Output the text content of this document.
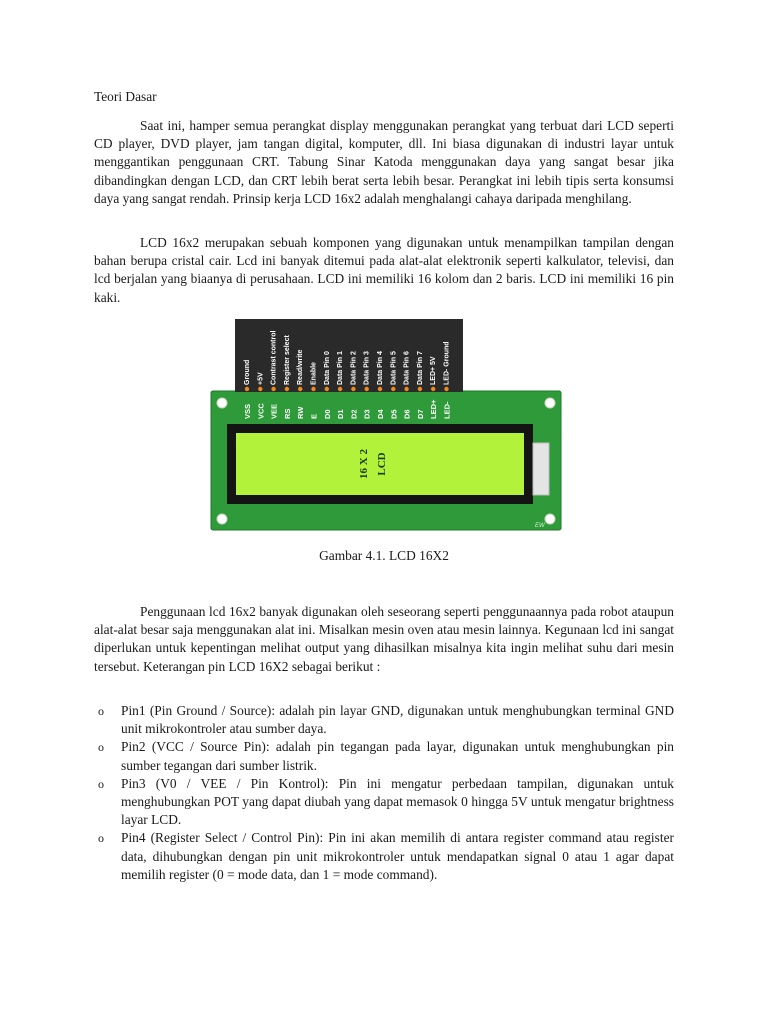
Teori Dasar

Saat ini, hamper semua perangkat display menggunakan perangkat yang terbuat dari LCD seperti CD player, DVD player, jam tangan digital, komputer, dll. Ini biasa digunakan di industri layar untuk menggantikan penggunaan CRT. Tabung Sinar Katoda menggunakan daya yang sangat besar jika dibandingkan dengan LCD, dan CRT lebih berat serta lebih besar. Perangkat ini lebih tipis serta konsumsi daya yang sangat rendah. Prinsip kerja LCD 16x2 adalah menghalangi cahaya daripada menghilang.

LCD 16x2 merupakan sebuah komponen yang digunakan untuk menampilkan tampilan dengan bahan berupa cristal cair. Lcd ini banyak ditemui pada alat-alat elektronik seperti kalkulator, televisi, dan lcd berjalan yang biaanya di perusahaan. LCD ini memiliki 16 kolom dan 2 baris. LCD ini memiliki 16 pin kaki.

16 X 2 LCD
EW
Ground
VSS
+5V
VCC
Contrast control
VEE
Register select
RS
Read/write
RW
Enable
E
Data Pin 0
D0
Data Pin 1
D1
Data Pin 2
D2
Data Pin 3
D3
Data Pin 4
D4
Data Pin 5
D5
Data Pin 6
D6
Data Pin 7
D7
LED+ 5V
LED+
LED- Ground
LED-

Gambar 4.1. LCD 16X2

Penggunaan lcd 16x2 banyak digunakan oleh seseorang seperti penggunaannya pada robot ataupun alat-alat besar saja menggunakan alat ini. Misalkan mesin oven atau mesin lainnya. Kegunaan lcd ini sangat diperlukan untuk kepentingan melihat output yang dihasilkan misalnya kita ingin melihat suhu dari mesin tersebut. Keterangan pin LCD 16X2 sebagai berikut :

o Pin1 (Pin Ground / Source): adalah pin layar GND, digunakan untuk menghubungkan terminal GND unit mikrokontroler atau sumber daya.
o Pin2 (VCC / Source Pin): adalah pin tegangan pada layar, digunakan untuk menghubungkan pin sumber tegangan dari sumber listrik.
o Pin3 (V0 / VEE / Pin Kontrol): Pin ini mengatur perbedaan tampilan, digunakan untuk menghubungkan POT yang dapat diubah yang dapat memasok 0 hingga 5V untuk mengatur brightness layar LCD.
o Pin4 (Register Select / Control Pin): Pin ini akan memilih di antara register command atau register data, dihubungkan dengan pin unit mikrokontroler untuk mendapatkan signal 0 atau 1 agar dapat memilih register (0 = mode data, dan 1 = mode command).
